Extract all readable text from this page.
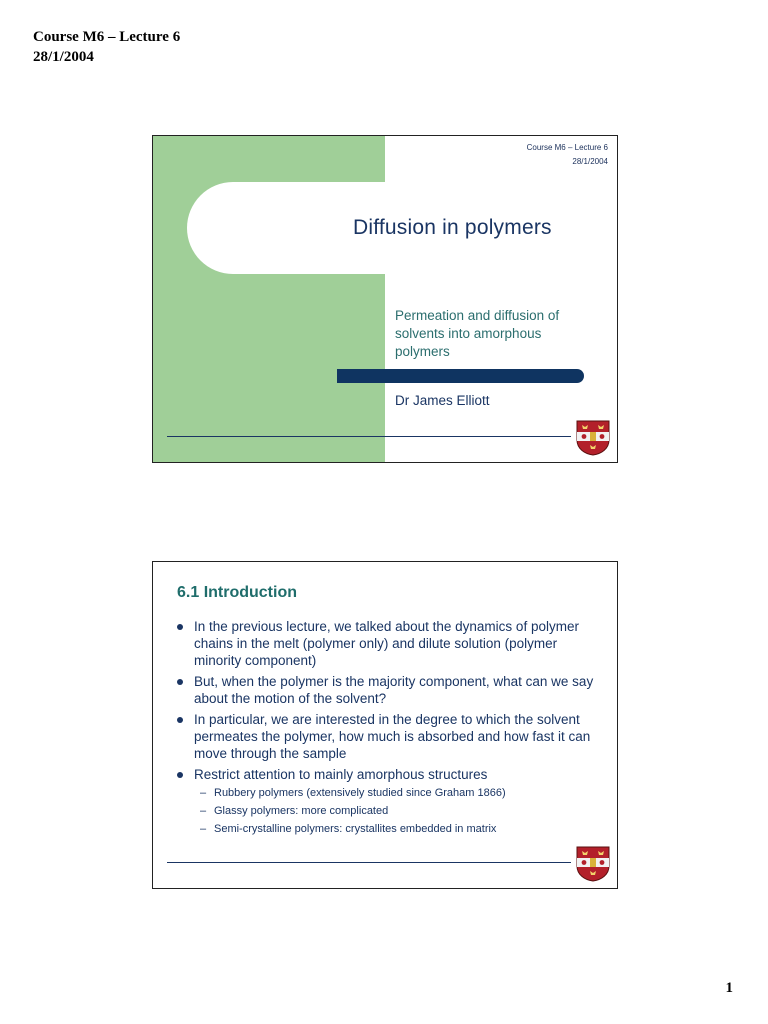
Course M6 – Lecture 6
28/1/2004
Course M6 – Lecture 6
28/1/2004
Diffusion in polymers
Permeation and diffusion of
solvents into amorphous
polymers
Dr James Elliott
6.1 Introduction
In the previous lecture, we talked about the dynamics of polymer chains in the melt (polymer only) and dilute solution (polymer minority component)
But, when the polymer is the majority component, what can we say about the motion of the solvent?
In particular, we are interested in the degree to which the solvent permeates the polymer, how much is absorbed and how fast it can move through the sample
Restrict attention to mainly amorphous structures
– Rubbery polymers (extensively studied since Graham 1866)
– Glassy polymers: more complicated
– Semi-crystalline polymers: crystallites embedded in matrix
1
